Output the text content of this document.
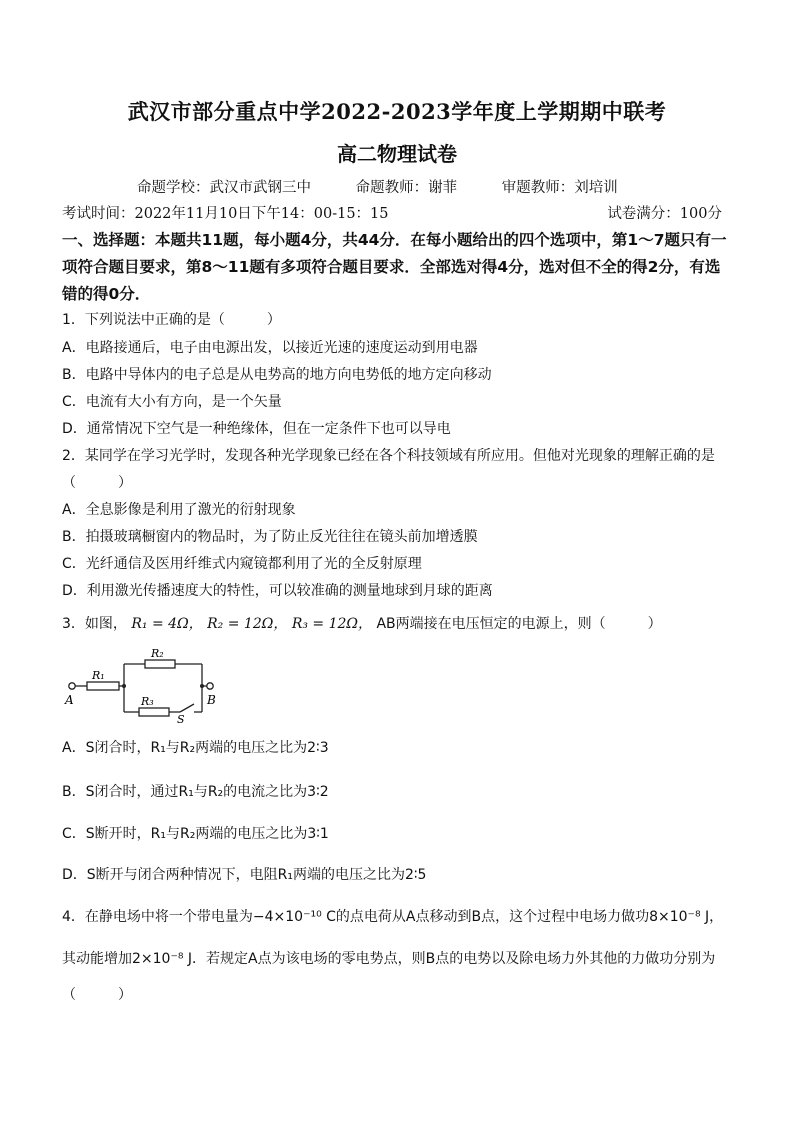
武汉市部分重点中学2022-2023学年度上学期期中联考
高二物理试卷
命题学校：武汉市武钢三中	命题教师：谢菲	审题教师：刘培训
考试时间：2022年11月10日下午14：00-15：15	试卷满分：100分
一、选择题：本题共11题，每小题4分，共44分．在每小题给出的四个选项中，第1～7题只有一项符合题目要求，第8～11题有多项符合题目要求．全部选对得4分，选对但不全的得2分，有选错的得0分．
1．下列说法中正确的是（　　　）
A．电路接通后，电子由电源出发，以接近光速的速度运动到用电器
B．电路中导体内的电子总是从电势高的地方向电势低的地方定向移动
C．电流有大小有方向，是一个矢量
D．通常情况下空气是一种绝缘体，但在一定条件下也可以导电
2．某同学在学习光学时，发现各种光学现象已经在各个科技领域有所应用。但他对光现象的理解正确的是
（　　　）
A．全息影像是利用了激光的衍射现象
B．拍摄玻璃橱窗内的物品时，为了防止反光往往在镜头前加增透膜
C．光纤通信及医用纤维式内窥镜都利用了光的全反射原理
D．利用激光传播速度大的特性，可以较准确的测量地球到月球的距离
3．如图， R₁ = 4Ω， R₂ = 12Ω， R₃ = 12Ω， AB两端接在电压恒定的电源上，则（　　　）
R₁
R₂
R₃
S
A	B
A．S闭合时，R₁与R₂两端的电压之比为2∶3
B．S闭合时，通过R₁与R₂的电流之比为3∶2
C．S断开时，R₁与R₂两端的电压之比为3∶1
D．S断开与闭合两种情况下，电阻R₁两端的电压之比为2∶5
4．在静电场中将一个带电量为−4×10⁻¹⁰ C的点电荷从A点移动到B点，这个过程中电场力做功8×10⁻⁸ J，
其动能增加2×10⁻⁸ J．若规定A点为该电场的零电势点，则B点的电势以及除电场力外其他的力做功分别为
（　　　）
